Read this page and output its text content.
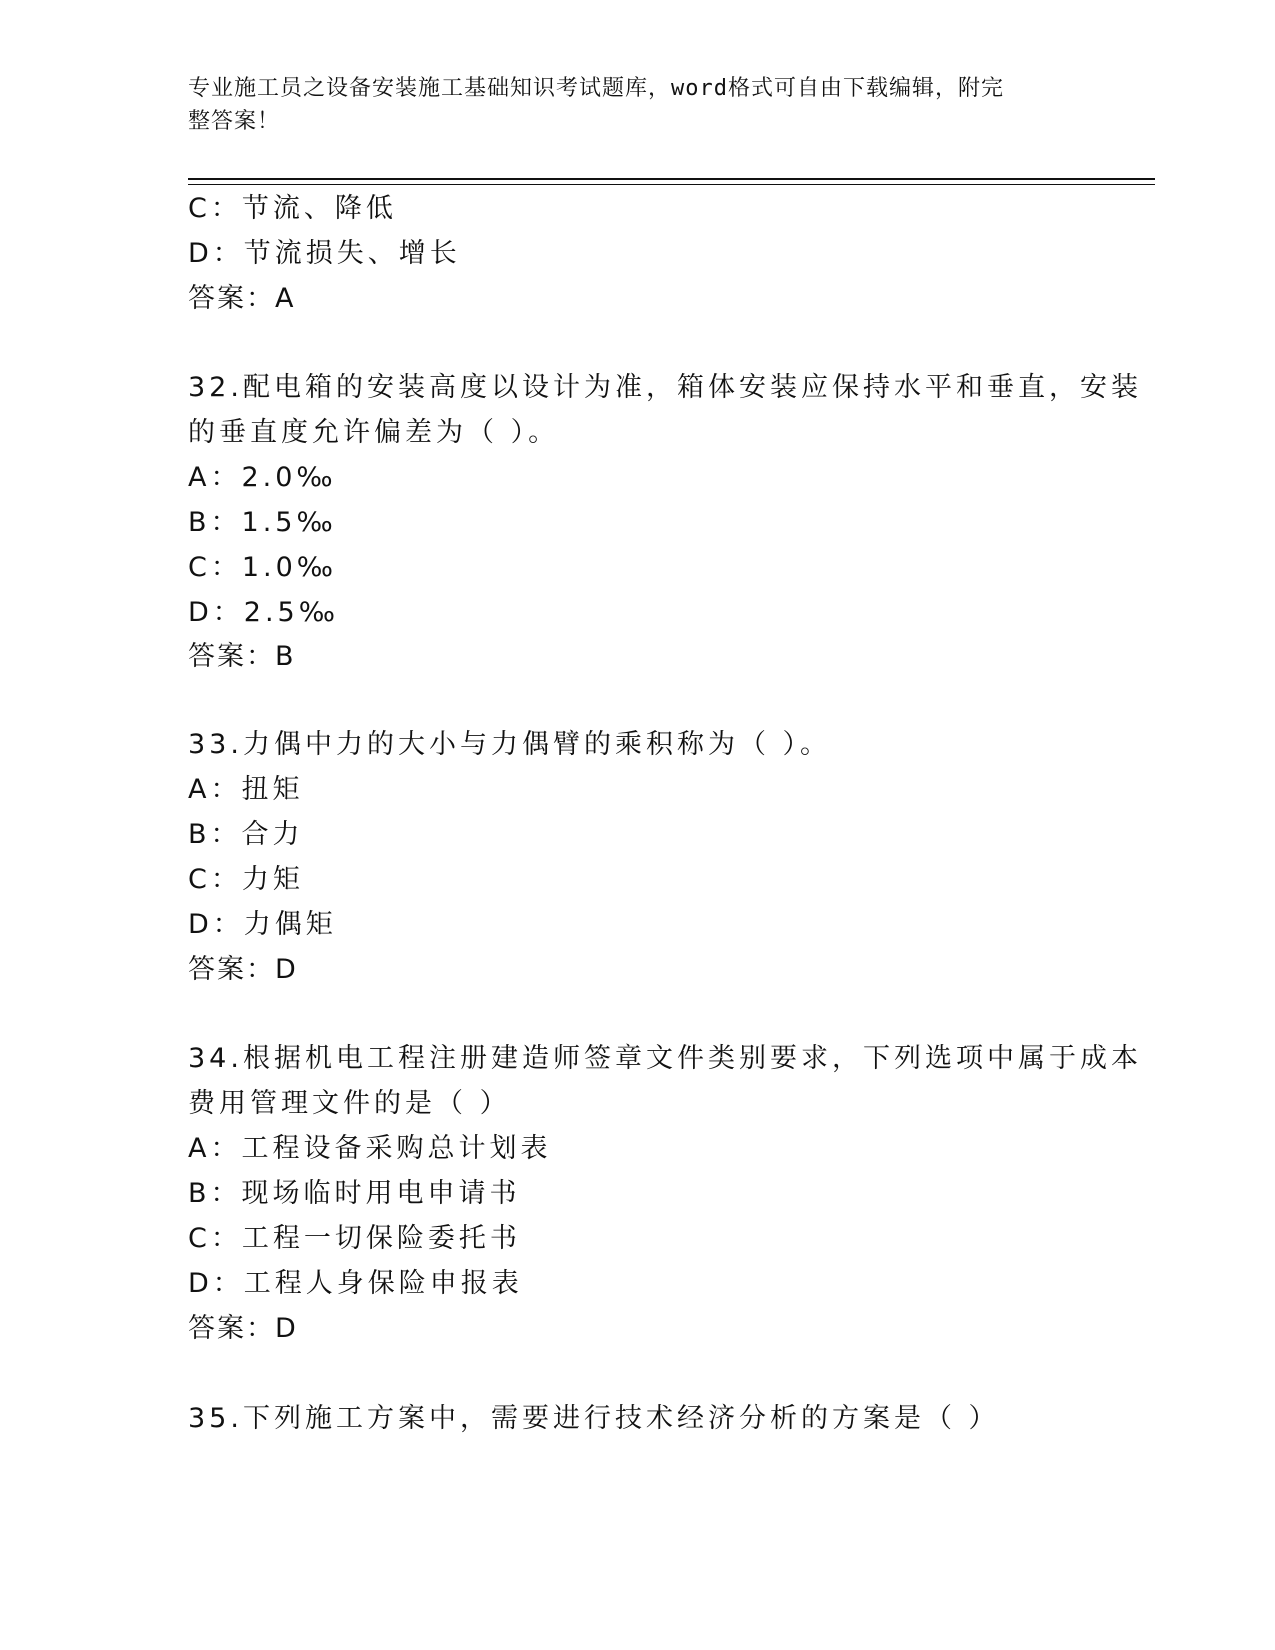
专业施工员之设备安装施工基础知识考试题库，word格式可自由下载编辑，附完
整答案！
C：节流、降低
D：节流损失、增长
答案：A
32.配电箱的安装高度以设计为准，箱体安装应保持水平和垂直，安装
的垂直度允许偏差为（ ）。
A：2.0‰
B：1.5‰
C：1.0‰
D：2.5‰
答案：B
33.力偶中力的大小与力偶臂的乘积称为（ ）。
A：扭矩
B：合力
C：力矩
D：力偶矩
答案：D
34.根据机电工程注册建造师签章文件类别要求，下列选项中属于成本
费用管理文件的是（ ）
A：工程设备采购总计划表
B：现场临时用电申请书
C：工程一切保险委托书
D：工程人身保险申报表
答案：D
35.下列施工方案中，需要进行技术经济分析的方案是（ ）
